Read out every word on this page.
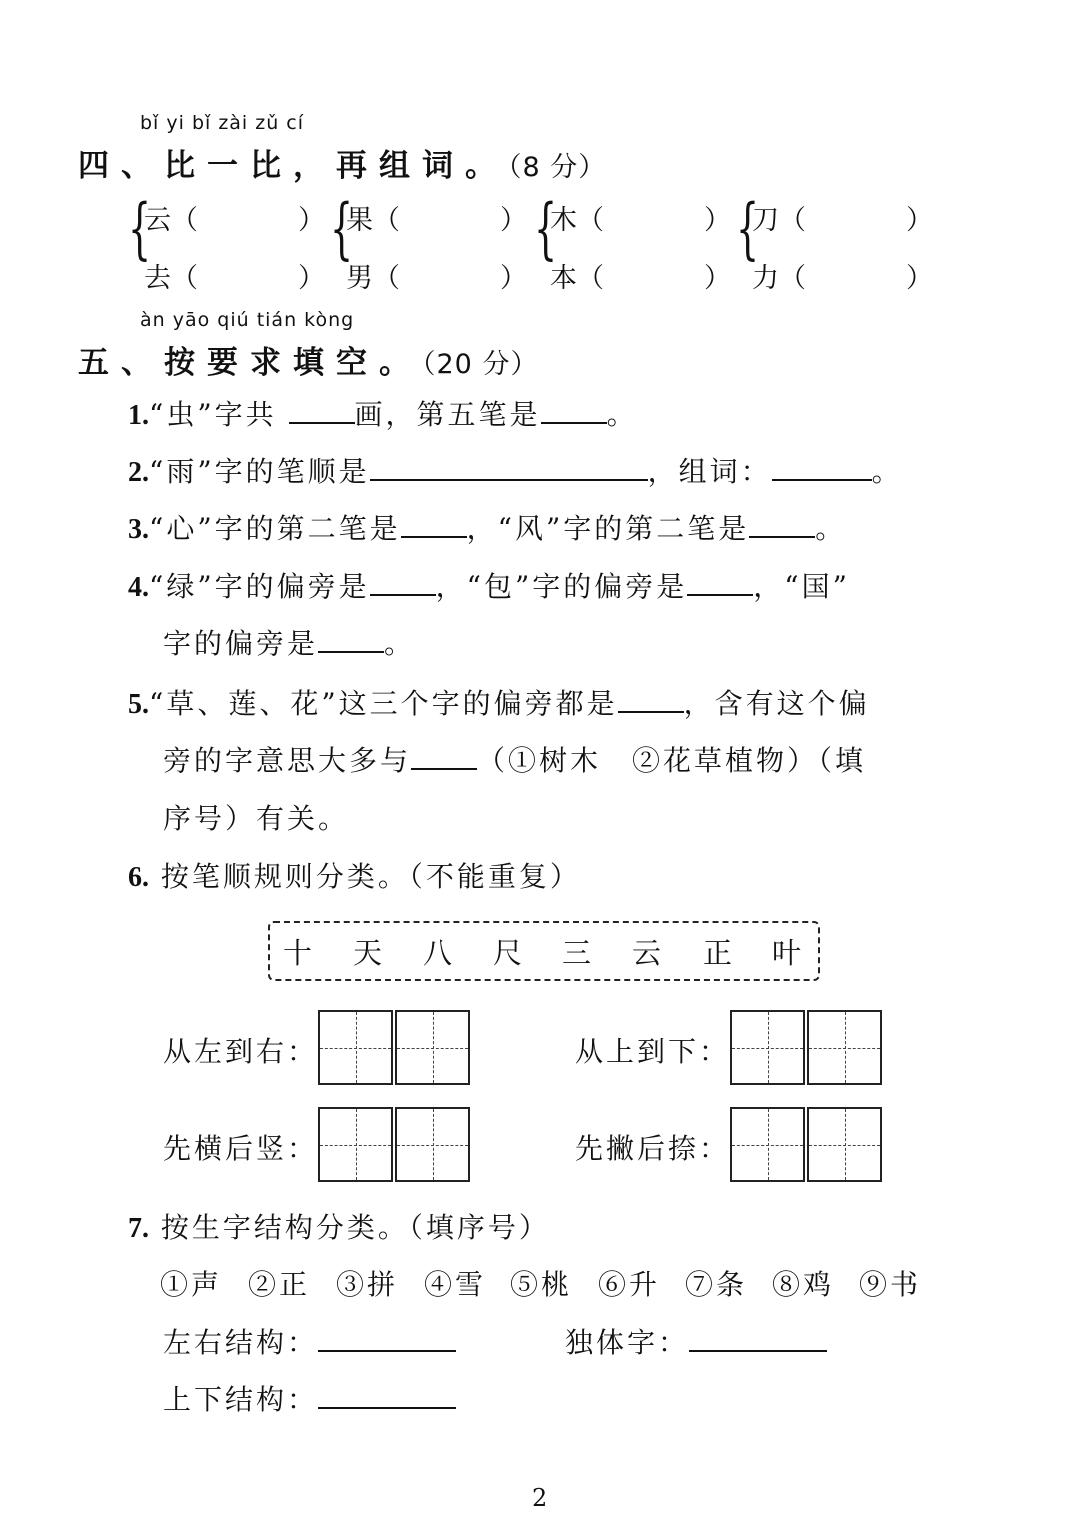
bǐ yi bǐ zài zǔ cí
四、比一比，再组词。（8 分）
{
云（	）
去（	）
{
果（	）
男（	）
{
木（	）
本（	）
{
刀（	）
力（	）
àn yāo qiú tián kòng
五、按要求填空。（20 分）
1.“虫”字共	画，第五笔是 。
2.“雨”字的笔顺是	，组词：	。
3.“心”字的第二笔是 ，“风”字的第二笔是 。
4.“绿”字的偏旁是 ，“包”字的偏旁是 ，“国”
字的偏旁是 。
5.“草、莲、花”这三个字的偏旁都是 ，含有这个偏
旁的字意思大多与 （①树木　②花草植物）（填
序号）有关。
6. 按笔顺规则分类。（不能重复）
十 天 八 尺 三 云 正 叶
从左到右：	从上到下：
先横后竖：	先撇后捺：
7. 按生字结构分类。（填序号）
①声 ②正 ③拼 ④雪 ⑤桃 ⑥升 ⑦条 ⑧鸡 ⑨书
左右结构：	独体字：
上下结构：
2
